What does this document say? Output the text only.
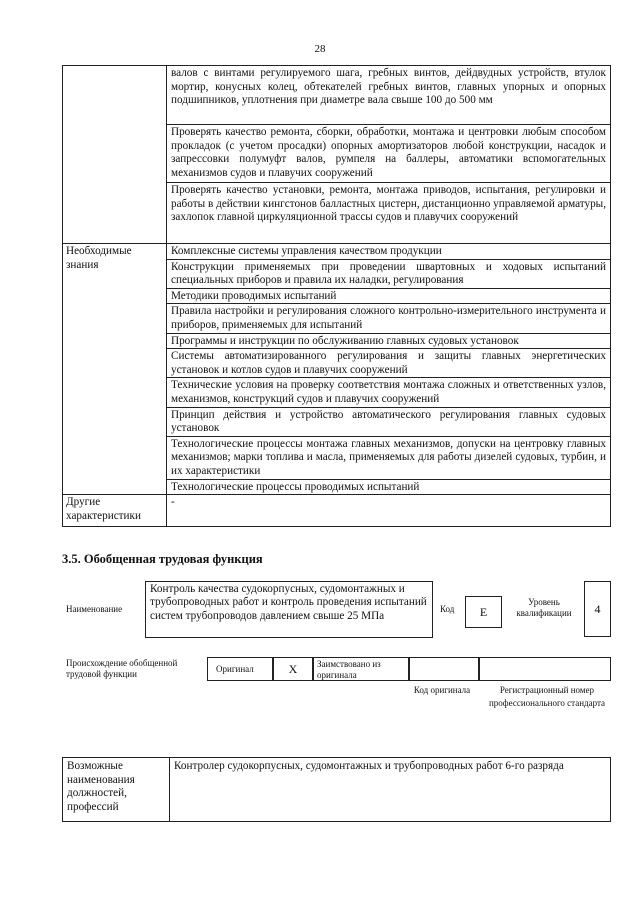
28
	валов с винтами регулируемого шага, гребных винтов, дейдвудных устройств, втулок мортир, конусных колец, обтекателей гребных винтов, главных упорных и опорных подшипников, уплотнения при диаметре вала свыше 100 до 500 мм
	Проверять качество ремонта, сборки, обработки, монтажа и центровки любым способом прокладок (с учетом просадки) опорных амортизаторов любой конструкции, насадок и запрессовки полумуфт валов, румпеля на баллеры, автоматики вспомогательных механизмов судов и плавучих сооружений
	Проверять качество установки, ремонта, монтажа приводов, испытания, регулировки и работы в действии кингстонов балластных цистерн, дистанционно управляемой арматуры, захлопок главной циркуляционной трассы судов и плавучих сооружений
Необходимые знания	Комплексные системы управления качеством продукции
	Конструкции применяемых при проведении швартовных и ходовых испытаний специальных приборов и правила их наладки, регулирования
	Методики проводимых испытаний
	Правила настройки и регулирования сложного контрольно-измерительного инструмента и приборов, применяемых для испытаний
	Программы и инструкции по обслуживанию главных судовых установок
	Системы автоматизированного регулирования и защиты главных энергетических установок и котлов судов и плавучих сооружений
	Технические условия на проверку соответствия монтажа сложных и ответственных узлов, механизмов, конструкций судов и плавучих сооружений
	Принцип действия и устройство автоматического регулирования главных судовых установок
	Технологические процессы монтажа главных механизмов, допуски на центровку главных механизмов; марки топлива и масла, применяемых для работы дизелей судовых, турбин, и их характеристики
	Технологические процессы проводимых испытаний
Другие характеристики	-
3.5. Обобщенная трудовая функция
Наименование
Контроль качества судокорпусных, судомонтажных и трубопроводных работ и контроль проведения испытаний систем трубопроводов давлением свыше 25 МПа
Код	Е
Уровень квалификации	4
Происхождение обобщенной трудовой функции	Оригинал	Х	Заимствовано из оригинала
Код оригинала	Регистрационный номер профессионального стандарта
Возможные наименования должностей, профессий	Контролер судокорпусных, судомонтажных и трубопроводных работ 6-го разряда
